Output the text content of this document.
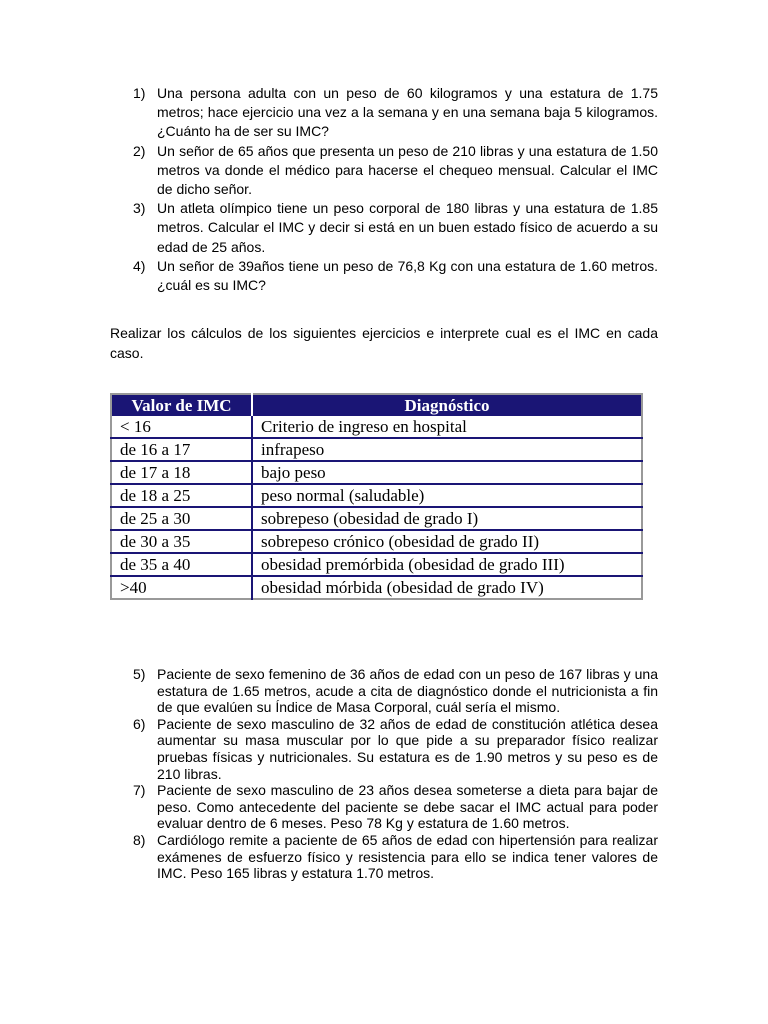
1) Una persona adulta con un peso de 60 kilogramos y una estatura de 1.75 metros; hace ejercicio una vez a la semana y en una semana baja 5 kilogramos. ¿Cuánto ha de ser su IMC?
2) Un señor de 65 años que presenta un peso de 210 libras y una estatura de 1.50 metros va donde el médico para hacerse el chequeo mensual. Calcular el IMC de dicho señor.
3) Un atleta olímpico tiene un peso corporal de 180 libras y una estatura de 1.85 metros. Calcular el IMC y decir si está en un buen estado físico de acuerdo a su edad de 25 años.
4) Un señor de 39años tiene un peso de 76,8 Kg con una estatura de 1.60 metros. ¿cuál es su IMC?

Realizar los cálculos de los siguientes ejercicios e interprete cual es el IMC en cada caso.

Valor de IMC	Diagnóstico
< 16	Criterio de ingreso en hospital
de 16 a 17	infrapeso
de 17 a 18	bajo peso
de 18 a 25	peso normal (saludable)
de 25 a 30	sobrepeso (obesidad de grado I)
de 30 a 35	sobrepeso crónico (obesidad de grado II)
de 35 a 40	obesidad premórbida (obesidad de grado III)
>40	obesidad mórbida (obesidad de grado IV)
5) Paciente de sexo femenino de 36 años de edad con un peso de 167 libras y una estatura de 1.65 metros, acude a cita de diagnóstico donde el nutricionista a fin de que evalúen su Índice de Masa Corporal, cuál sería el mismo.
6) Paciente de sexo masculino de 32 años de edad de constitución atlética desea aumentar su masa muscular por lo que pide a su preparador físico realizar pruebas físicas y nutricionales. Su estatura es de 1.90 metros y su peso es de 210 libras.
7) Paciente de sexo masculino de 23 años desea someterse a dieta para bajar de peso. Como antecedente del paciente se debe sacar el IMC actual para poder evaluar dentro de 6 meses. Peso 78 Kg y estatura de 1.60 metros.
8) Cardiólogo remite a paciente de 65 años de edad con hipertensión para realizar exámenes de esfuerzo físico y resistencia para ello se indica tener valores de IMC. Peso 165 libras y estatura 1.70 metros.
